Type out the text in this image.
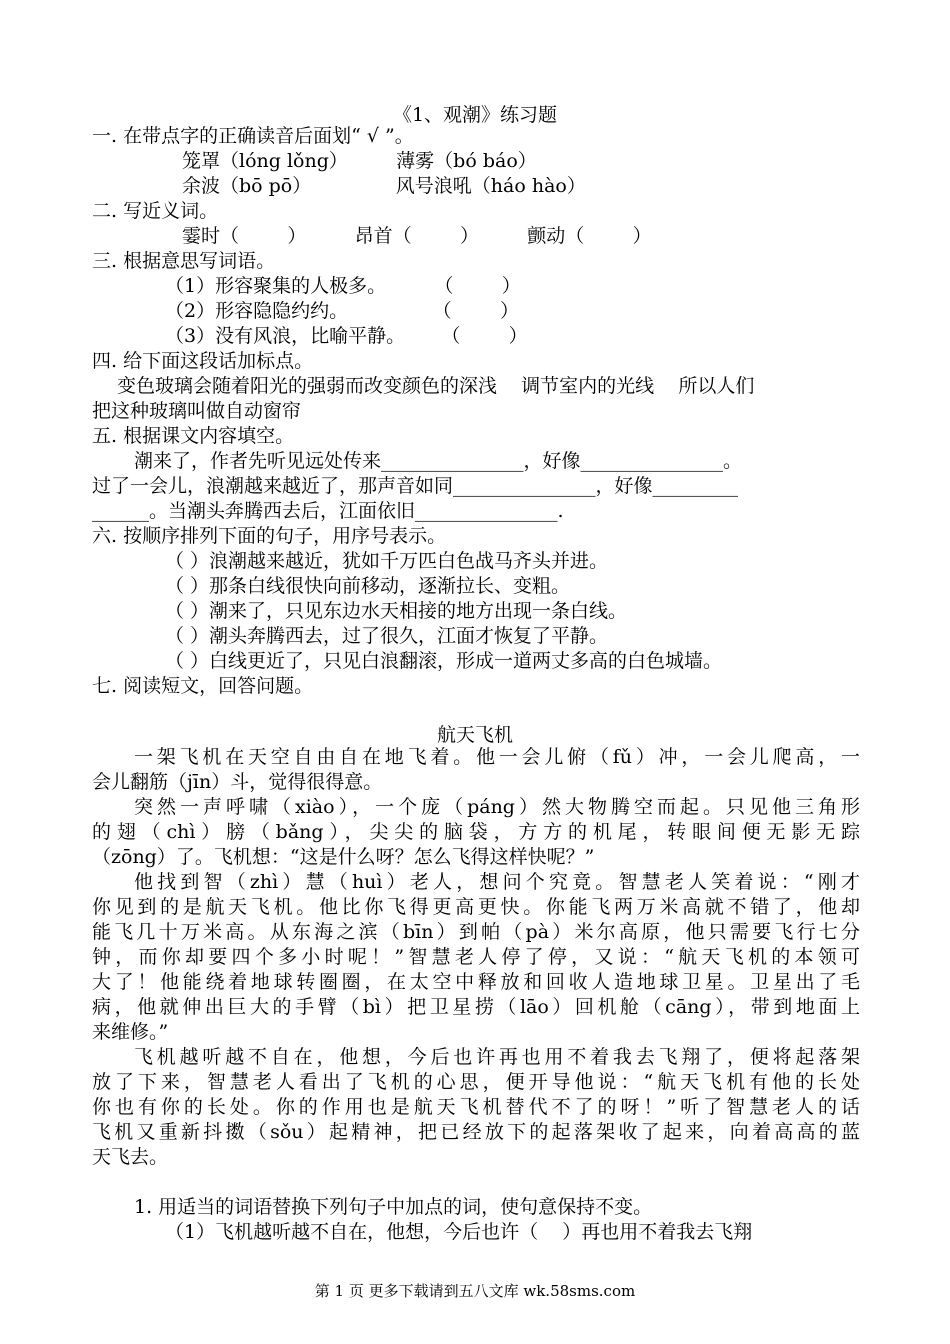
《1、观潮》练习题
一. 在带点字的正确读音后面划“ √ ”。
笼罩（lóng lǒng）        薄雾（bó báo）
余波（bō pō）              风号浪吼（háo hào）
二. 写近义词。
霎时（        ）        昂首（        ）        颤动（        ）
三. 根据意思写词语。
（1）形容聚集的人极多。        （        ）
（2）形容隐隐约约。              （        ）
（3）没有风浪，比喻平静。      （        ）
四. 给下面这段话加标点。
变色玻璃会随着阳光的强弱而改变颜色的深浅    调节室内的光线    所以人们
把这种玻璃叫做自动窗帘
五. 根据课文内容填空。
潮来了，作者先听见远处传来_______________，好像_______________。
过了一会儿，浪潮越来越近了，那声音如同_______________，好像_________
______。当潮头奔腾西去后，江面依旧_______________.
六. 按顺序排列下面的句子，用序号表示。
（ ）浪潮越来越近，犹如千万匹白色战马齐头并进。
（ ）那条白线很快向前移动，逐渐拉长、变粗。
（ ）潮来了，只见东边水天相接的地方出现一条白线。
（ ）潮头奔腾西去，过了很久，江面才恢复了平静。
（ ）白线更近了，只见白浪翻滚，形成一道两丈多高的白色城墙。
七. 阅读短文，回答问题。
航天飞机
一架飞机在天空自由自在地飞着。他一会儿俯（fǔ）冲，一会儿爬高，一
会儿翻筋（jīn）斗，觉得很得意。
突然一声呼啸（xiào），一个庞（páng）然大物腾空而起。只见他三角形
的翅（chì）膀（bǎng），尖尖的脑袋，方方的机尾，转眼间便无影无踪
（zōng）了。飞机想：“这是什么呀？怎么飞得这样快呢？”
他找到智（zhì）慧（huì）老人，想问个究竟。智慧老人笑着说：“刚才
你见到的是航天飞机。他比你飞得更高更快。你能飞两万米高就不错了，他却
能飞几十万米高。从东海之滨（bīn）到帕（pà）米尔高原，他只需要飞行七分
钟，而你却要四个多小时呢！”智慧老人停了停，又说：“航天飞机的本领可
大了！他能绕着地球转圈圈，在太空中释放和回收人造地球卫星。卫星出了毛
病，他就伸出巨大的手臂（bì）把卫星捞（lāo）回机舱（cāng），带到地面上
来维修。”
飞机越听越不自在，他想，今后也许再也用不着我去飞翔了，便将起落架
放了下来，智慧老人看出了飞机的心思，便开导他说：“航天飞机有他的长处
你也有你的长处。你的作用也是航天飞机替代不了的呀！”听了智慧老人的话
飞机又重新抖擞（sǒu）起精神，把已经放下的起落架收了起来，向着高高的蓝
天飞去。
1. 用适当的词语替换下列句子中加点的词，使句意保持不变。
（1）飞机越听越不自在，他想，今后也许（    ）再也用不着我去飞翔
第 1 页 更多下载请到五八文库 wk.58sms.com
